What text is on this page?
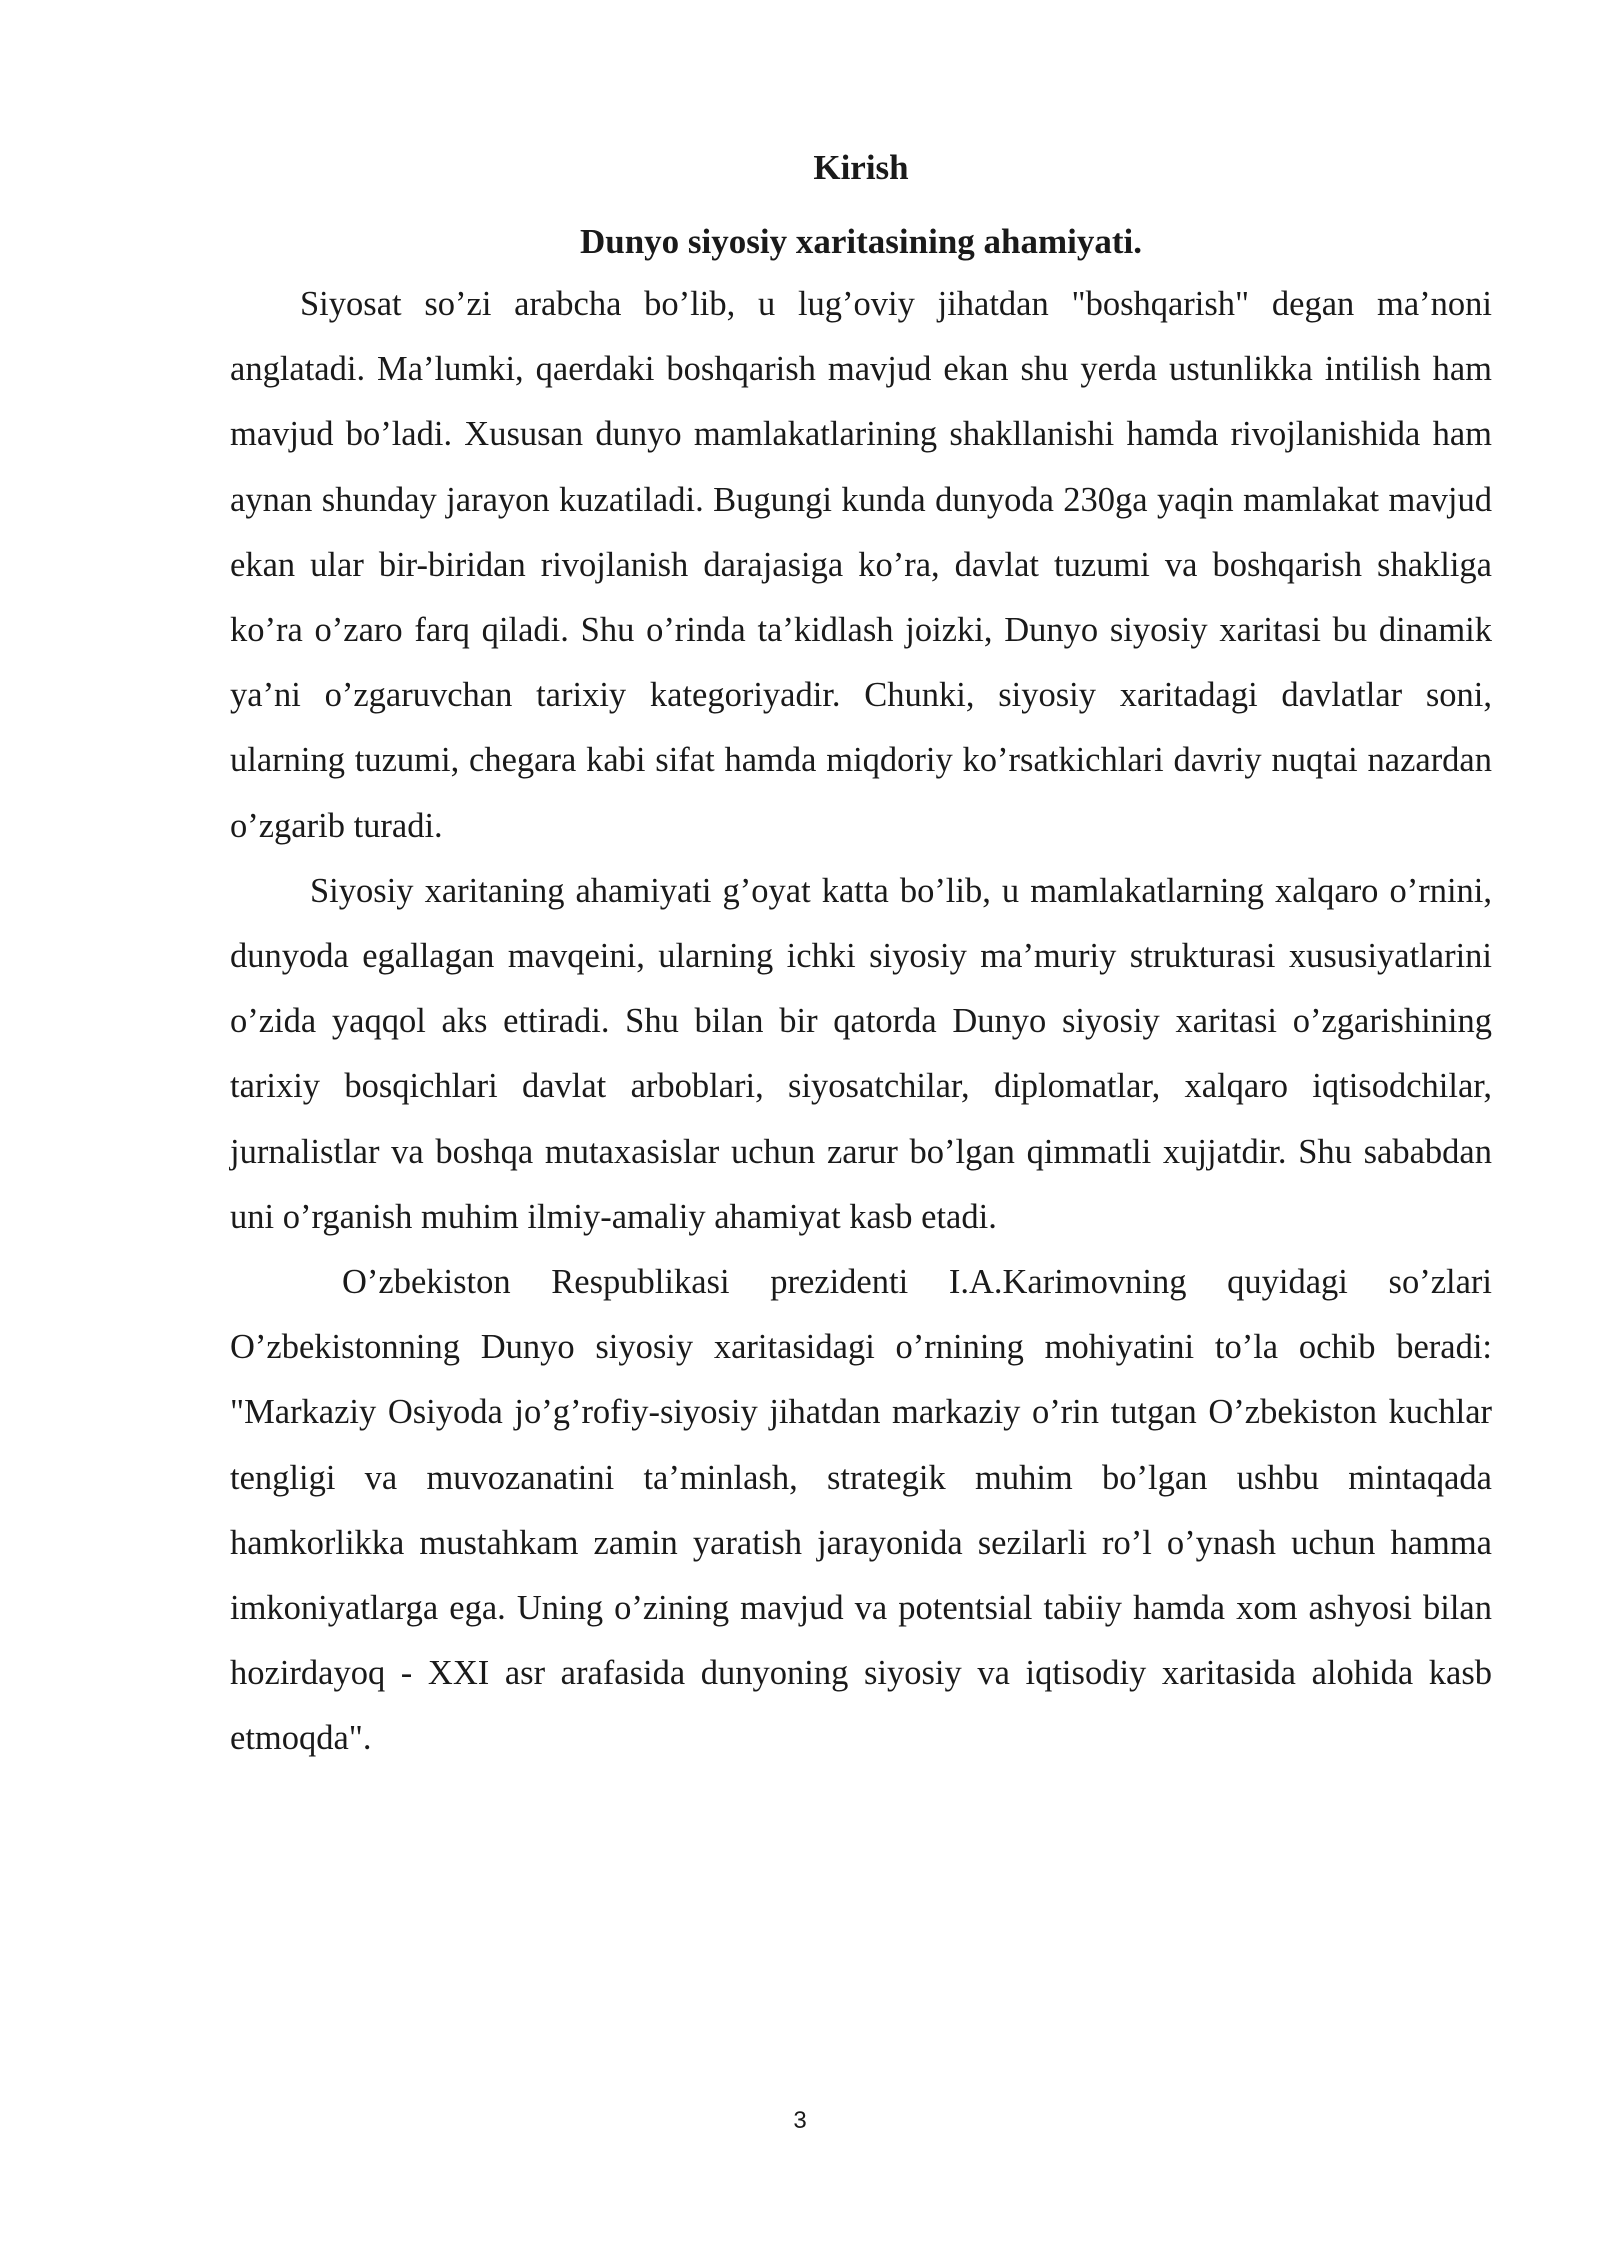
Kirish
Dunyo siyosiy xaritasining ahamiyati.

Siyosat so’zi arabcha bo’lib, u lug’oviy jihatdan "boshqarish" degan ma’noni anglatadi. Ma’lumki, qaerdaki boshqarish mavjud ekan shu yerda ustunlikka intilish ham mavjud bo’ladi. Xususan dunyo mamlakatlarining shakllanishi hamda rivojlanishida ham aynan shunday jarayon kuzatiladi. Bugungi kunda dunyoda 230ga yaqin mamlakat mavjud ekan ular bir-biridan rivojlanish darajasiga ko’ra, davlat tuzumi va boshqarish shakliga ko’ra o’zaro farq qiladi. Shu o’rinda ta’kidlash joizki, Dunyo siyosiy xaritasi bu dinamik ya’ni o’zgaruvchan tarixiy kategoriyadir. Chunki, siyosiy xaritadagi davlatlar soni, ularning tuzumi, chegara kabi sifat hamda miqdoriy ko’rsatkichlari davriy nuqtai nazardan o’zgarib turadi.

Siyosiy xaritaning ahamiyati g’oyat katta bo’lib, u mamlakatlarning xalqaro o’rnini, dunyoda egallagan mavqeini, ularning ichki siyosiy ma’muriy strukturasi xususiyatlarini o’zida yaqqol aks ettiradi. Shu bilan bir qatorda Dunyo siyosiy xaritasi o’zgarishining tarixiy bosqichlari davlat arboblari, siyosatchilar, diplomatlar, xalqaro iqtisodchilar, jurnalistlar va boshqa mutaxasislar uchun zarur bo’lgan qimmatli xujjatdir. Shu sababdan uni o’rganish muhim ilmiy-amaliy ahamiyat kasb etadi.

O’zbekiston Respublikasi prezidenti I.A.Karimovning quyidagi so’zlari O’zbekistonning Dunyo siyosiy xaritasidagi o’rnining mohiyatini to’la ochib beradi: "Markaziy Osiyoda jo’g’rofiy-siyosiy jihatdan markaziy o’rin tutgan O’zbekiston kuchlar tengligi va muvozanatini ta’minlash, strategik muhim bo’lgan ushbu mintaqada hamkorlikka mustahkam zamin yaratish jarayonida sezilarli ro’l o’ynash uchun hamma imkoniyatlarga ega. Uning o’zining mavjud va potentsial tabiiy hamda xom ashyosi bilan hozirdayoq - XXI asr arafasida dunyoning siyosiy va iqtisodiy xaritasida alohida kasb etmoqda".

3
